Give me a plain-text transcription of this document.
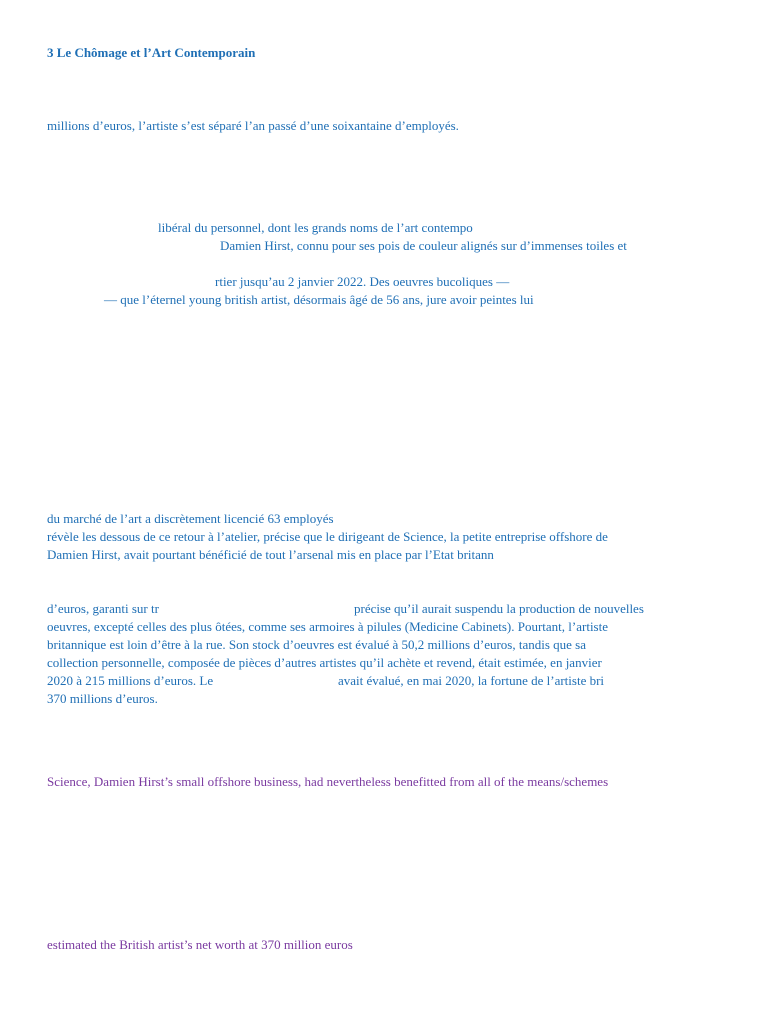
3 Le Chômage et l’Art Contemporain

millions d’euros, l’artiste s’est séparé l’an passé d’une soixantaine d’employés.

libéral du personnel, dont les grands noms de l’art contempo

Damien Hirst, connu pour ses pois de couleur alignés sur d’immenses toiles et

rtier jusqu’au 2 janvier 2022. Des oeuvres bucoliques —

— que l’éternel young british artist, désormais âgé de 56 ans, jure avoir peintes lui

du marché de l’art a discrètement licencié 63 employés

révèle les dessous de ce retour à l’atelier, précise que le dirigeant de Science, la petite entreprise offshore de

Damien Hirst, avait pourtant bénéficié de tout l’arsenal mis en place par l’Etat britann

d’euros, garanti sur tr	précise qu’il aurait suspendu la production de nouvelles

oeuvres, excepté celles des plus ôtées, comme ses armoires à pilules (Medicine Cabinets). Pourtant, l’artiste

britannique est loin d’être à la rue. Son stock d’oeuvres est évalué à 50,2 millions d’euros, tandis que sa

collection personnelle, composée de pièces d’autres artistes qu’il achète et revend, était estimée, en janvier

2020 à 215 millions d’euros. Le	avait évalué, en mai 2020, la fortune de l’artiste bri

370 millions d’euros.

Science, Damien Hirst’s small offshore business, had nevertheless benefitted from all of the means/schemes

estimated the British artist’s net worth at 370 million euros
